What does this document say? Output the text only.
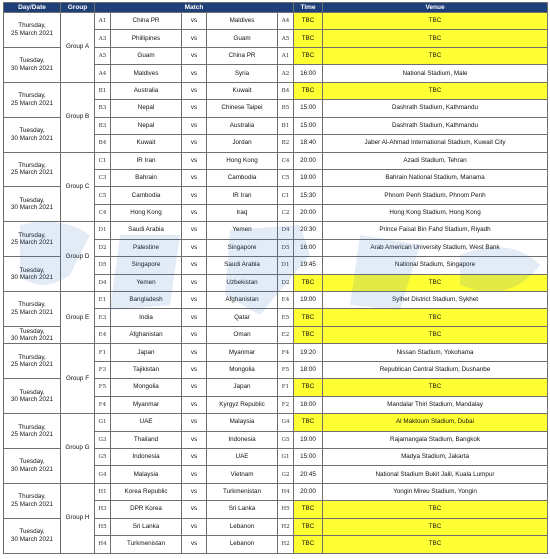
Day/Date	Group	Match					Time	Venue
Thursday,
25 March 2021	Group A	A1	China PR	vs	Maldives	A4	TBC	TBC
		A3	Phillipines	vs	Guam	A5	TBC	TBC
Tuesday,
30 March 2021		A5	Guam	vs	China PR	A1	TBC	TBC
		A4	Maldives	vs	Syria	A2	16:00	National Stadium, Male
Thursday,
25 March 2021	Group B	B1	Australia	vs	Kuwait	B4	TBC	TBC
		B3	Nepal	vs	Chinese Taipei	B5	15:00	Dashrath Stadium, Kathmandu
Tuesday,
30 March 2021		B3	Nepal	vs	Australia	B1	15:00	Dashrath Stadium, Kathmandu
		B4	Kuwait	vs	Jordan	B2	18:40	Jaber Al-Ahmad International Stadium, Kuwait City
Thursday,
25 March 2021	Group C	C1	IR Iran	vs	Hong Kong	C4	20:00	Azadi Stadium, Tehran
		C3	Bahrain	vs	Cambodia	C5	19:00	Bahrain National Stadium, Manama
Tuesday,
30 March 2021		C5	Cambodia	vs	IR Iran	C1	15:30	Phnom Penh Stadium, Phnom Penh
		C4	Hong Kong	vs	Iraq	C2	20:00	Hong Kong Stadium, Hong Kong
Thursday,
25 March 2021	Group D	D1	Saudi Arabia	vs	Yemen	D4	20:30	Prince Faisal Bin Fahd Stadium, Riyadh
		D2	Palestine	vs	Singapore	D5	16:00	Arab American University Stadium, West Bank
Tuesday,
30 March 2021		D5	Singapore	vs	Saudi Arabia	D1	19:45	National Stadium, Singapore
		D4	Yemen	vs	Uzbekistan	D2	TBC	TBC
Thursday,
25 March 2021	Group E	E1	Bangladesh	vs	Afghanistan	E4	19:00	Sylhet District Stadium, Sykhet
		E3	India	vs	Qatar	E5	TBC	TBC
Tuesday,
30 March 2021		E4	Afghanistan	vs	Oman	E2	TBC	TBC
Thursday,
25 March 2021	Group F	F1	Japan	vs	Myanmar	F4	19:20	Nissan Stadium, Yokohama
		F3	Tajikistan	vs	Mongolia	F5	18:00	Republican Central Stadium, Dushanbe
Tuesday,
30 March 2021		F5	Mongolia	vs	Japan	F1	TBC	TBC
		F4	Myanmar	vs	Kyrgyz Republic	F2	18:00	Mandalar Thiri Stadium, Mandalay
Thursday,
25 March 2021	Group G	G1	UAE	vs	Malaysia	G4	TBC	Al Maktoum Stadium, Dubai
		G3	Thailand	vs	Indonesia	G5	19:00	Rajamangala Stadium, Bangkok
Tuesday,
30 March 2021		G5	Indonesia	vs	UAE	G1	15:00	Madya Stadium, Jakarta
		G4	Malaysia	vs	Vietnam	G2	20:45	National Stadium Bukit Jalil, Kuala Lumpur
Thursday,
25 March 2021	Group H	H1	Korea Republic	vs	Turkmenistan	H4	20:00	Yongin Mireu Stadium, Yongin
		H3	DPR Korea	vs	Sri Lanka	H5	TBC	TBC
Tuesday,
30 March 2021		H5	Sri Lanka	vs	Lebanon	H2	TBC	TBC
		H4	Turkmenistan	vs	Lebanon	H2	TBC	TBC
